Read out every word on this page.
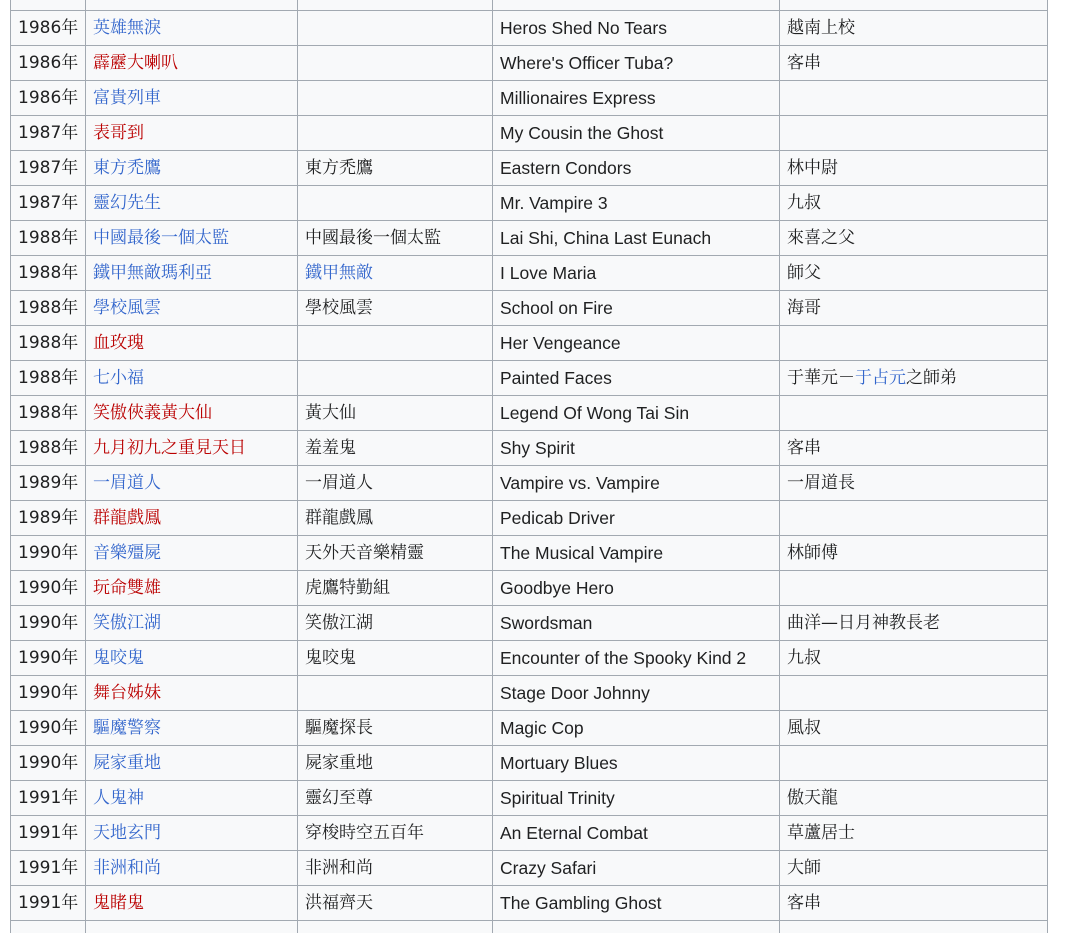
1986年	英雄無淚		Heros Shed No Tears	越南上校
1986年	霹靂大喇叭		Where's Officer Tuba?	客串
1986年	富貴列車		Millionaires Express	
1987年	表哥到		My Cousin the Ghost	
1987年	東方禿鷹	東方禿鷹	Eastern Condors	林中尉
1987年	靈幻先生		Mr. Vampire 3	九叔
1988年	中國最後一個太監	中國最後一個太監	Lai Shi, China Last Eunach	來喜之父
1988年	鐵甲無敵瑪利亞	鐵甲無敵	I Love Maria	師父
1988年	學校風雲	學校風雲	School on Fire	海哥
1988年	血玫瑰		Her Vengeance	
1988年	七小福		Painted Faces	于華元－于占元之師弟
1988年	笑傲俠義黃大仙	黃大仙	Legend Of Wong Tai Sin	
1988年	九月初九之重見天日	羞羞鬼	Shy Spirit	客串
1989年	一眉道人	一眉道人	Vampire vs. Vampire	一眉道長
1989年	群龍戲鳳	群龍戲鳳	Pedicab Driver	
1990年	音樂殭屍	天外天音樂精靈	The Musical Vampire	林師傅
1990年	玩命雙雄	虎鷹特勤組	Goodbye Hero	
1990年	笑傲江湖	笑傲江湖	Swordsman	曲洋—日月神教長老
1990年	鬼咬鬼	鬼咬鬼	Encounter of the Spooky Kind 2	九叔
1990年	舞台姊妹		Stage Door Johnny	
1990年	驅魔警察	驅魔探長	Magic Cop	風叔
1990年	屍家重地	屍家重地	Mortuary Blues	
1991年	人鬼神	靈幻至尊	Spiritual Trinity	傲天龍
1991年	天地玄門	穿梭時空五百年	An Eternal Combat	草蘆居士
1991年	非洲和尚	非洲和尚	Crazy Safari	大師
1991年	鬼睹鬼	洪福齊天	The Gambling Ghost	客串
